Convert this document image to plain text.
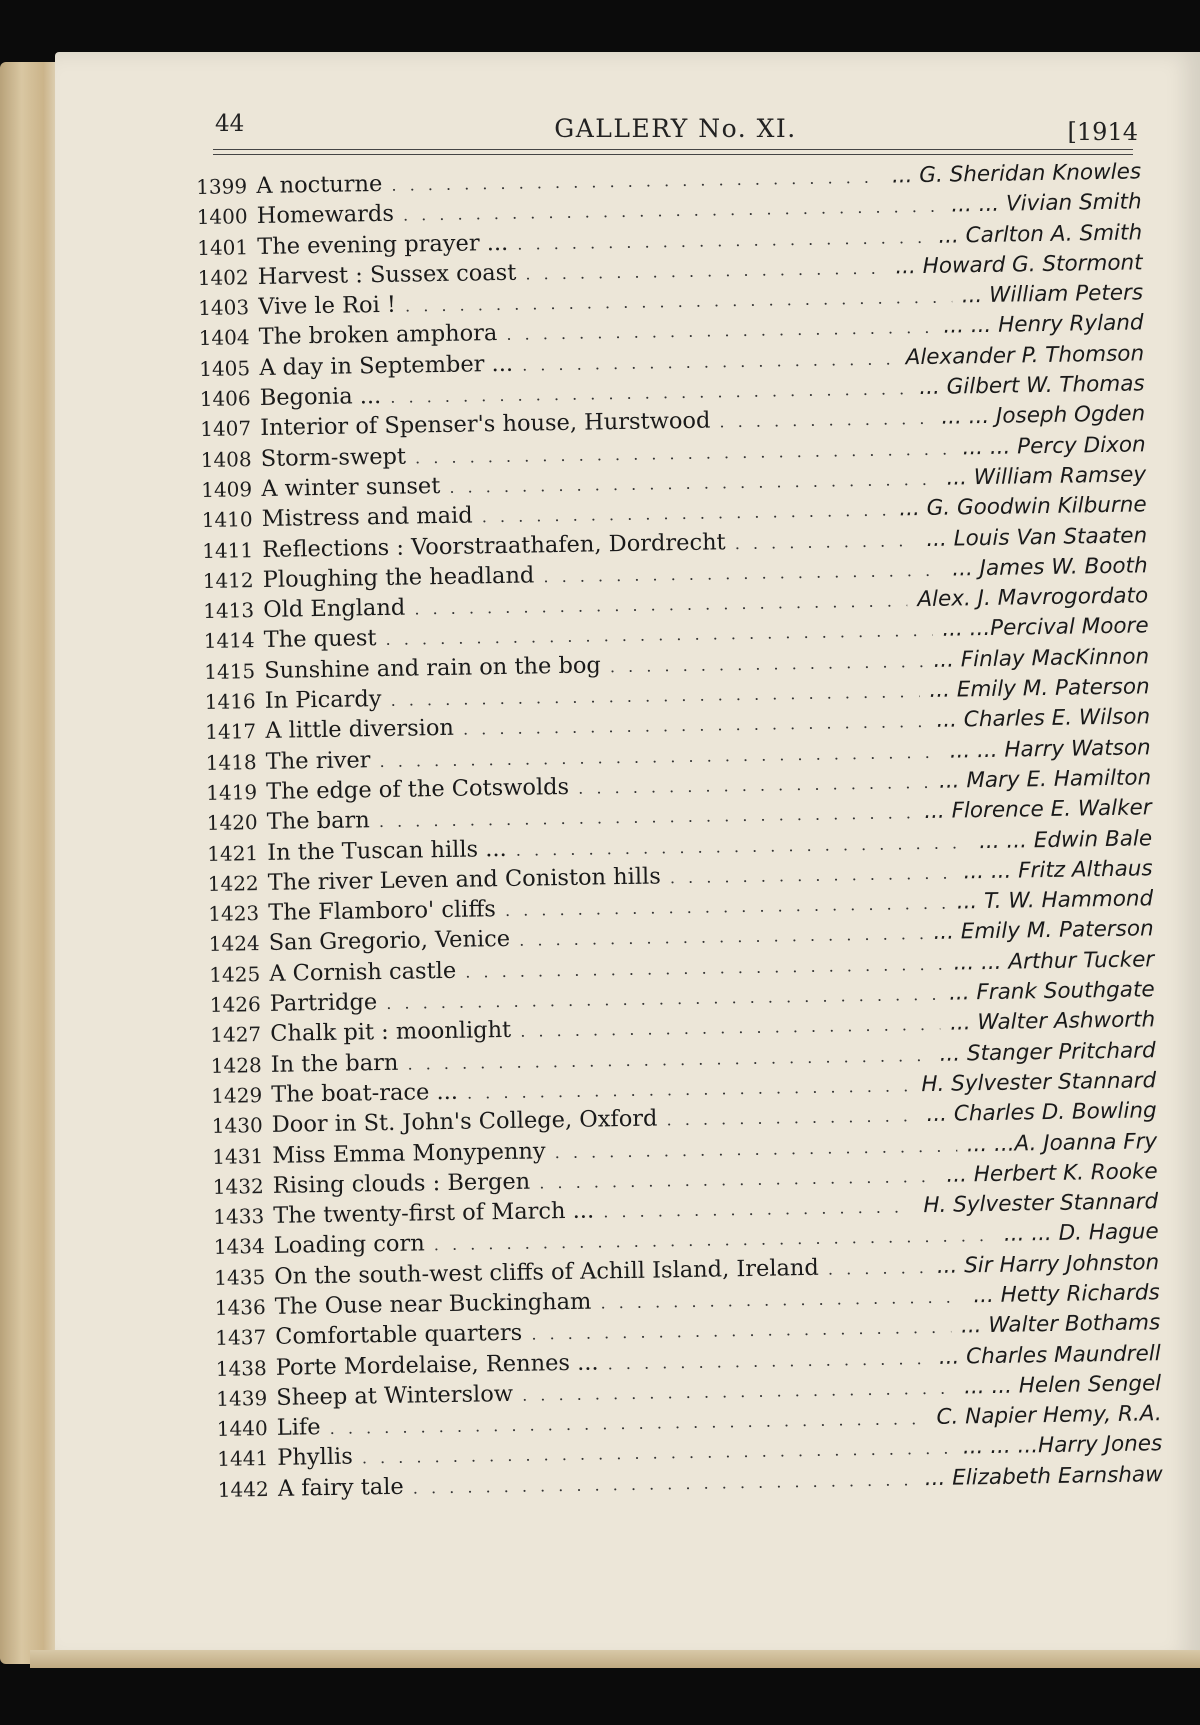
44	GALLERY No. XI.	[1914
1399 A nocturne . . .	... G. Sheridan Knowles
1400 Homewards . . .	... ... Vivian Smith
1401 The evening prayer ... . . .	... Carlton A. Smith
1402 Harvest : Sussex coast . . .	... Howard G. Stormont
1403 Vive le Roi ! . . .	... William Peters
1404 The broken amphora . . .	... ... Henry Ryland
1405 A day in September ... . . .	Alexander P. Thomson
1406 Begonia ... . . .	... Gilbert W. Thomas
1407 Interior of Spenser's house, Hurstwood . . .	... ... Joseph Ogden
1408 Storm-swept . . .	... ... Percy Dixon
1409 A winter sunset . . .	... William Ramsey
1410 Mistress and maid . . .	... G. Goodwin Kilburne
1411 Reflections : Voorstraathafen, Dordrecht . . .	... Louis Van Staaten
1412 Ploughing the headland . . .	... James W. Booth
1413 Old England . . .	Alex. J. Mavrogordato
1414 The quest . . .	... ...Percival Moore
1415 Sunshine and rain on the bog . . .	... Finlay MacKinnon
1416 In Picardy . . .	... Emily M. Paterson
1417 A little diversion . . .	... Charles E. Wilson
1418 The river . . .	... ... Harry Watson
1419 The edge of the Cotswolds . . .	... Mary E. Hamilton
1420 The barn . . .	... Florence E. Walker
1421 In the Tuscan hills ... . . .	... ... Edwin Bale
1422 The river Leven and Coniston hills . . .	... ... Fritz Althaus
1423 The Flamboro' cliffs . . .	... T. W. Hammond
1424 San Gregorio, Venice . . .	... Emily M. Paterson
1425 A Cornish castle . . .	... ... Arthur Tucker
1426 Partridge . . .	... Frank Southgate
1427 Chalk pit : moonlight . . .	... Walter Ashworth
1428 In the barn . . .	... Stanger Pritchard
1429 The boat-race ... . . .	H. Sylvester Stannard
1430 Door in St. John's College, Oxford . . .	... Charles D. Bowling
1431 Miss Emma Monypenny . . .	... ...A. Joanna Fry
1432 Rising clouds : Bergen . . .	... Herbert K. Rooke
1433 The twenty-first of March ... . . .	H. Sylvester Stannard
1434 Loading corn . . .	... ... D. Hague
1435 On the south-west cliffs of Achill Island, Ireland . . .	... Sir Harry Johnston
1436 The Ouse near Buckingham . . .	... Hetty Richards
1437 Comfortable quarters . . .	... Walter Bothams
1438 Porte Mordelaise, Rennes ... . . .	... Charles Maundrell
1439 Sheep at Winterslow . . .	... ... Helen Sengel
1440 Life . . .	C. Napier Hemy, R.A.
1441 Phyllis . . .	... ... ...Harry Jones
1442 A fairy tale . . .	... Elizabeth Earnshaw
